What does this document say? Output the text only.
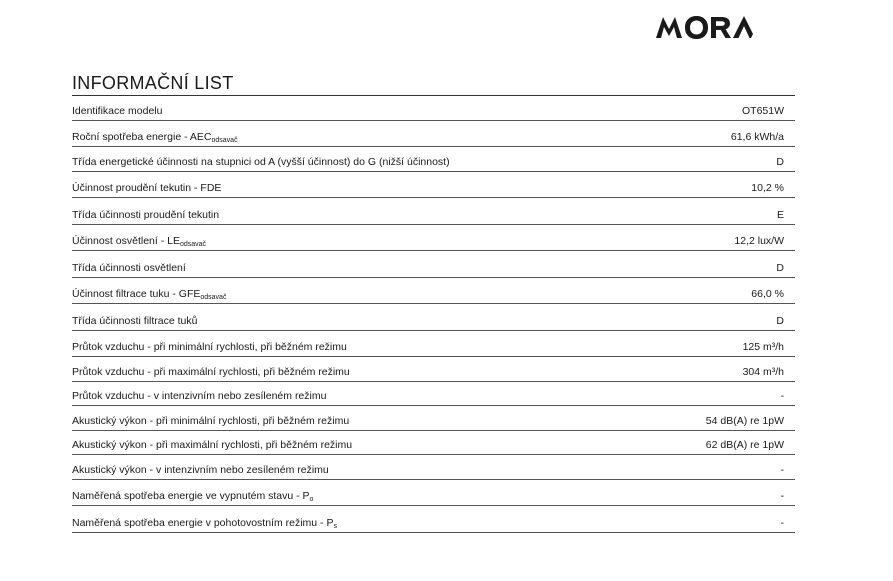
INFORMAČNÍ LIST
Identifikace modelu	OT651W
Roční spotřeba energie - $AEC_{odsavač}$	61,6 kWh/a
Třída energetické účinnosti na stupnici od A (vyšší účinnost) do G (nižší účinnost)	D
Účinnost proudění tekutin - FDE	10,2 %
Třída účinnosti proudění tekutin	E
Účinnost osvětlení - $LE_{odsavač}$	12,2 lux/W
Třída účinnosti osvětlení	D
Účinnost filtrace tuku - $GFE_{odsavač}$	66,0 %
Třída účinnosti filtrace tuků	D
Průtok vzduchu - při minimální rychlosti, při běžném režimu	125 m³/h
Průtok vzduchu - při maximální rychlosti, při běžném režimu	304 m³/h
Průtok vzduchu - v intenzivním nebo zesíleném režimu	-
Akustický výkon - při minimální rychlosti, při běžném režimu	54 dB(A) re 1pW
Akustický výkon - při maximální rychlosti, při běžném režimu	62 dB(A) re 1pW
Akustický výkon - v intenzivním nebo zesíleném režimu	-
Naměřená spotřeba energie ve vypnutém stavu - $P_o$	-
Naměřená spotřeba energie v pohotovostním režimu - $P_s$	-
